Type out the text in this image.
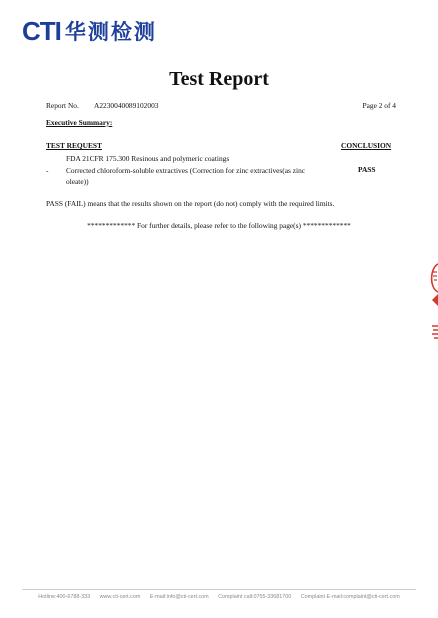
CTI 华测检测
Test Report
Report No. A2230040089102003	Page 2 of 4
Executive Summary:
TEST REQUEST	CONCLUSION
FDA 21CFR 175.300 Resinous and polymeric coatings
- Corrected chloroform-soluble extractives (Correction for zinc extractives(as zinc oleate))
PASS
PASS (FAIL) means that the results shown on the report (do not) comply with the required limits.
************* For further details, please refer to the following page(s) *************
Hotline:400-6788-333 www.cti-cert.com E-mail:info@cti-cert.com Complaint call:0755-33681700 Complaint E-mail:complaint@cti-cert.com
